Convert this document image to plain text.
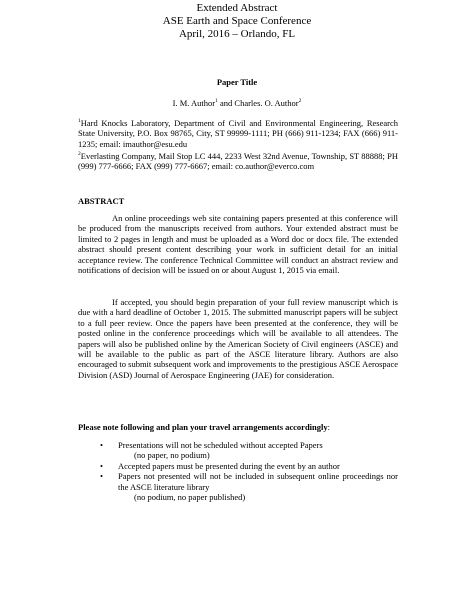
Extended Abstract
ASE Earth and Space Conference
April, 2016 – Orlando, FL
Paper Title
I. M. Author$^1$ and Charles. O. Author$^2$
$^1$Hard Knocks Laboratory, Department of Civil and Environmental Engineering, Research State University, P.O. Box 98765, City, ST 99999-1111; PH (666) 911-1234; FAX (666) 911-1235; email: imauthor@esu.edu
$^2$Everlasting Company, Mail Stop LC 444, 2233 West 32nd Avenue, Township, ST 88888; PH (999) 777-6666; FAX (999) 777-6667; email: co.author@everco.com
ABSTRACT
An online proceedings web site containing papers presented at this conference will be produced from the manuscripts received from authors. Your extended abstract must be limited to 2 pages in length and must be uploaded as a Word doc or docx file. The extended abstract should present content describing your work in sufficient detail for an initial acceptance review. The conference Technical Committee will conduct an abstract review and notifications of decision will be issued on or about August 1, 2015 via email.
If accepted, you should begin preparation of your full review manuscript which is due with a hard deadline of October 1, 2015. The submitted manuscript papers will be subject to a full peer review. Once the papers have been presented at the conference, they will be posted online in the conference proceedings which will be available to all attendees. The papers will also be published online by the American Society of Civil engineers (ASCE) and will be available to the public as part of the ASCE literature library. Authors are also encouraged to submit subsequent work and improvements to the prestigious ASCE Aerospace Division (ASD) Journal of Aerospace Engineering (JAE) for consideration.
Please note following and plan your travel arrangements accordingly:
• Presentations will not be scheduled without accepted Papers
(no paper, no podium)
• Accepted papers must be presented during the event by an author
• Papers not presented will not be included in subsequent online proceedings nor the ASCE literature library
(no podium, no paper published)
